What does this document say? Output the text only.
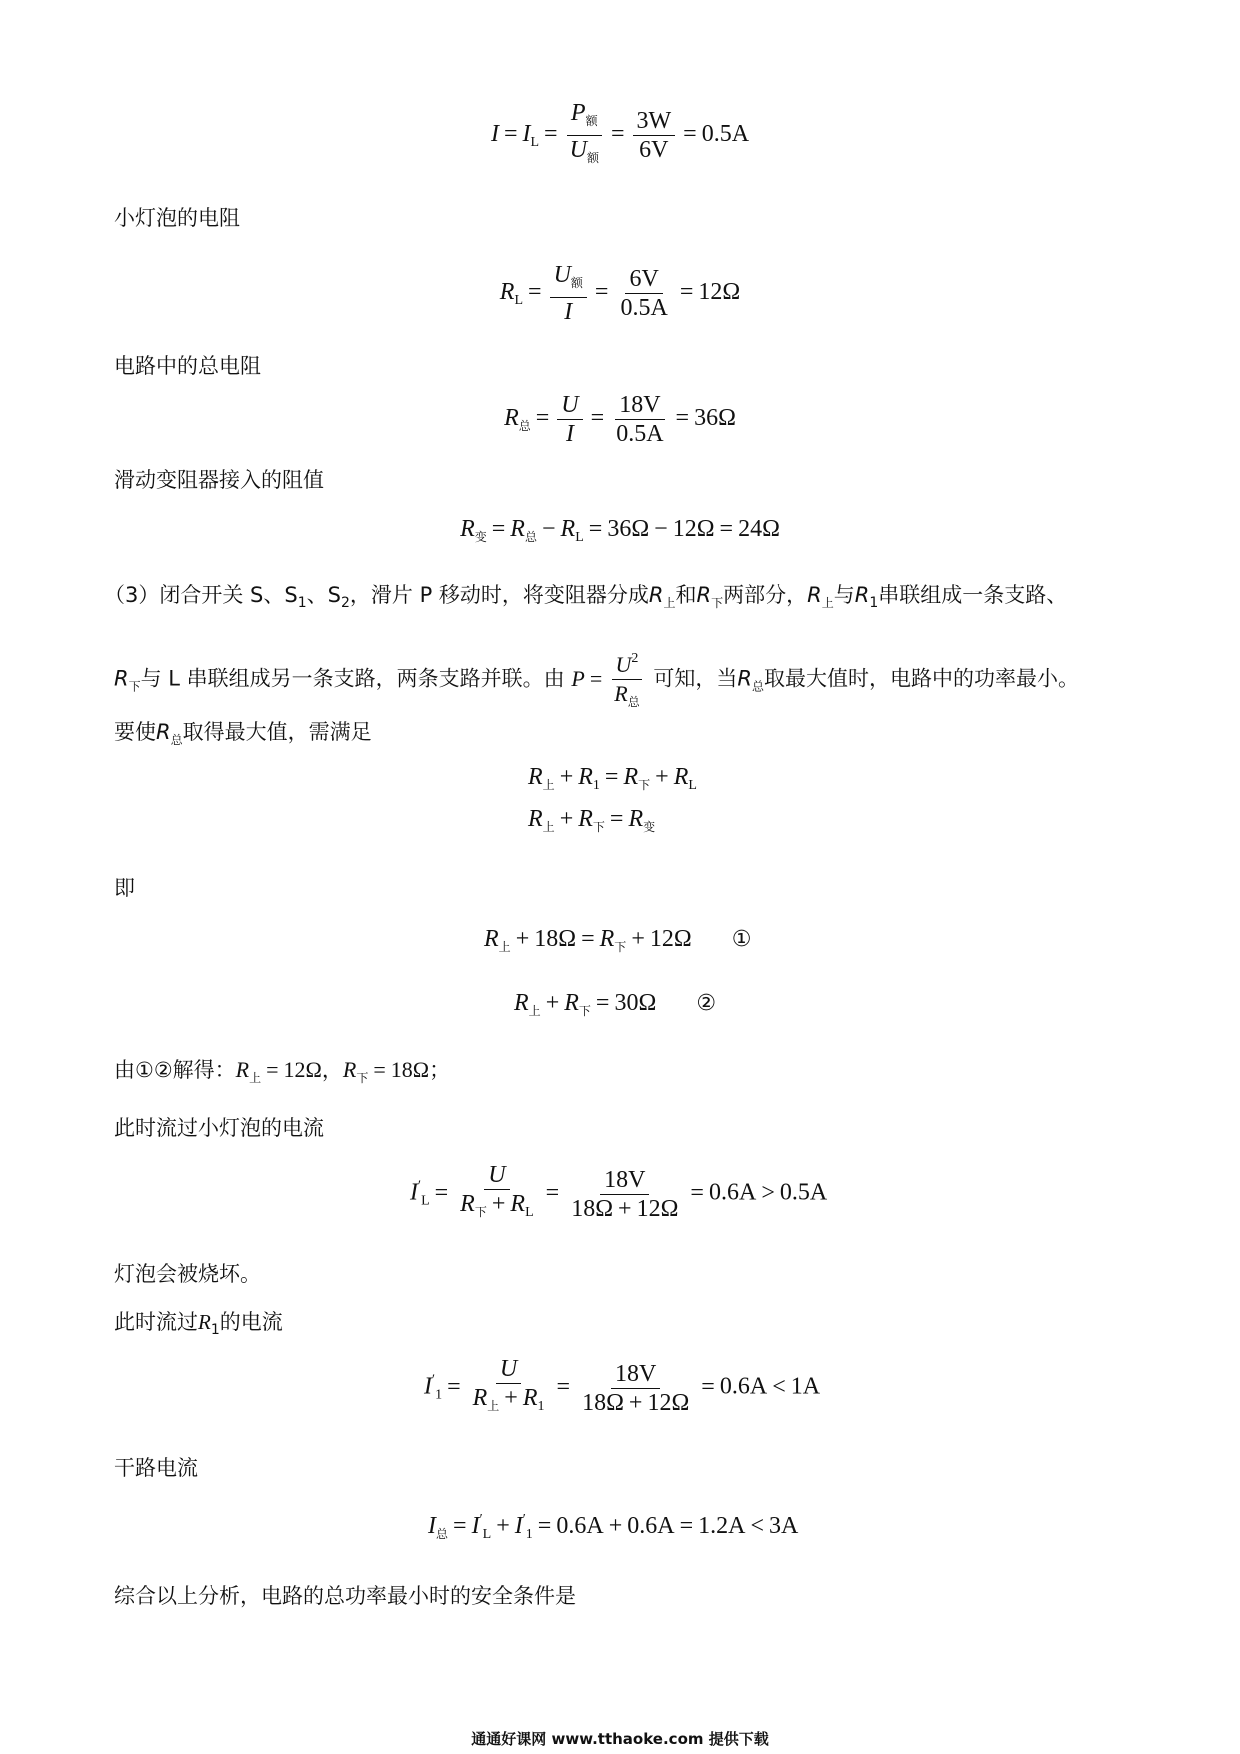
$I = I_L = \frac{P_额}{U_额} = \frac{3W}{6V} = 0.5A$
小灯泡的电阻
$R_L = \frac{U_额}{I} = \frac{6V}{0.5A} = 12\Omega$
电路中的总电阻
$R_总 = \frac{U}{I} = \frac{18V}{0.5A} = 36\Omega$
滑动变阻器接入的阻值
$R_变 = R_总 - R_L = 36\Omega - 12\Omega = 24\Omega$
（3）闭合开关 S、$S_1$、$S_2$，滑片 P 移动时，将变阻器分成$R_上$和$R_下$两部分，$R_上$与$R_1$串联组成一条支路、
$R_下$与 L 串联组成另一条支路，两条支路并联。由 $P = \frac{U^2}{R_总}$ 可知，当$R_总$取最大值时，电路中的功率最小。
要使$R_总$取得最大值，需满足
$R_上 + R_1 = R_下 + R_L$
$R_上 + R_下 = R_变$
即
$R_上 + 18\Omega = R_下 + 12\Omega$ ①
$R_上 + R_下 = 30\Omega$ ②
由①②解得：$R_上 = 12\Omega$，$R_下 = 18\Omega$；
此时流过小灯泡的电流
$I'_L = \frac{U}{R_下 + R_L} = \frac{18V}{18\Omega + 12\Omega} = 0.6A > 0.5A$
灯泡会被烧坏。
此时流过$R_1$的电流
$I'_1 = \frac{U}{R_上 + R_1} = \frac{18V}{18\Omega + 12\Omega} = 0.6A < 1A$
干路电流
$I_总 = I'_L + I'_1 = 0.6A + 0.6A = 1.2A < 3A$
综合以上分析，电路的总功率最小时的安全条件是
通通好课网 www.tthaoke.com 提供下载
